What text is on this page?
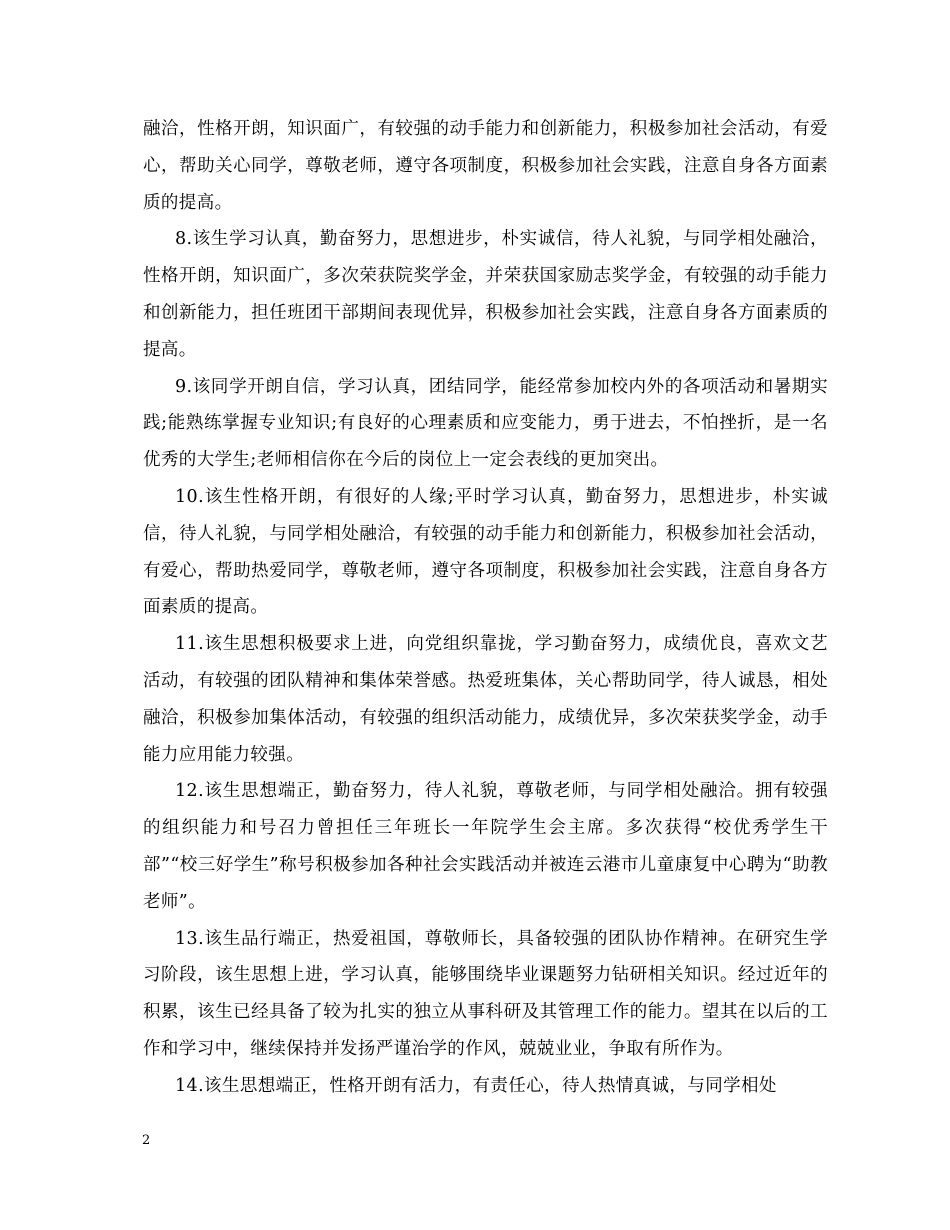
融洽，性格开朗，知识面广，有较强的动手能力和创新能力，积极参加社会活动，有爱心，帮助关心同学，尊敬老师，遵守各项制度，积极参加社会实践，注意自身各方面素质的提高。

8.该生学习认真，勤奋努力，思想进步，朴实诚信，待人礼貌，与同学相处融洽，性格开朗，知识面广，多次荣获院奖学金，并荣获国家励志奖学金，有较强的动手能力和创新能力，担任班团干部期间表现优异，积极参加社会实践，注意自身各方面素质的提高。

9.该同学开朗自信，学习认真，团结同学，能经常参加校内外的各项活动和暑期实践;能熟练掌握专业知识;有良好的心理素质和应变能力，勇于进去，不怕挫折，是一名优秀的大学生;老师相信你在今后的岗位上一定会表线的更加突出。

10.该生性格开朗，有很好的人缘;平时学习认真，勤奋努力，思想进步，朴实诚信，待人礼貌，与同学相处融洽，有较强的动手能力和创新能力，积极参加社会活动，有爱心，帮助热爱同学，尊敬老师，遵守各项制度，积极参加社会实践，注意自身各方面素质的提高。

11.该生思想积极要求上进，向党组织靠拢，学习勤奋努力，成绩优良，喜欢文艺活动，有较强的团队精神和集体荣誉感。热爱班集体，关心帮助同学，待人诚恳，相处融洽，积极参加集体活动，有较强的组织活动能力，成绩优异，多次荣获奖学金，动手能力应用能力较强。

12.该生思想端正，勤奋努力，待人礼貌，尊敬老师，与同学相处融洽。拥有较强的组织能力和号召力曾担任三年班长一年院学生会主席。多次获得“校优秀学生干部”“校三好学生”称号积极参加各种社会实践活动并被连云港市儿童康复中心聘为“助教老师”。

13.该生品行端正，热爱祖国，尊敬师长，具备较强的团队协作精神。在研究生学习阶段，该生思想上进，学习认真，能够围绕毕业课题努力钻研相关知识。经过近年的积累，该生已经具备了较为扎实的独立从事科研及其管理工作的能力。望其在以后的工作和学习中，继续保持并发扬严谨治学的作风，兢兢业业，争取有所作为。

14.该生思想端正，性格开朗有活力，有责任心，待人热情真诚，与同学相处

2
